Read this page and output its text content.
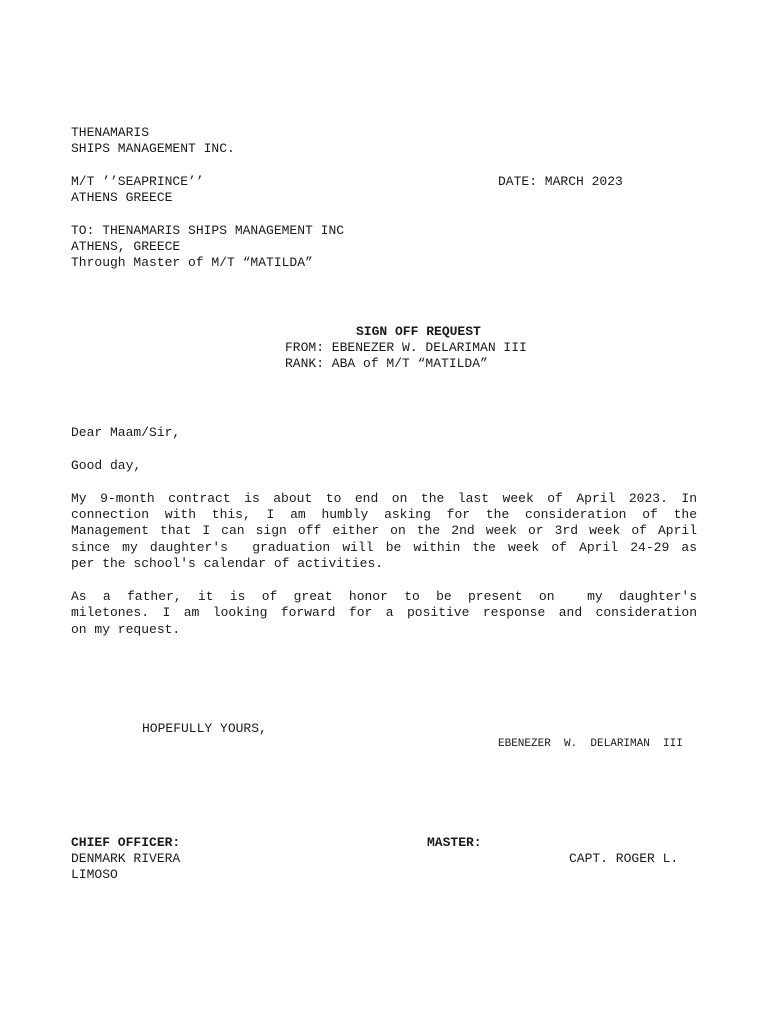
THENAMARIS
SHIPS MANAGEMENT INC.
M/T ’’SEAPRINCE’’	DATE: MARCH 2023
ATHENS GREECE
TO: THENAMARIS SHIPS MANAGEMENT INC
ATHENS, GREECE
Through Master of M/T “MATILDA”
SIGN OFF REQUEST
FROM: EBENEZER W. DELARIMAN III
RANK: ABA of M/T “MATILDA”
Dear Maam/Sir,
Good day,
My 9-month contract is about to end on the last week of April 2023. In
connection with this, I am humbly asking for the consideration of the
Management that I can sign off either on the 2nd week or 3rd week of April
since my daughter's  graduation will be within the week of April 24-29 as
per the school's calendar of activities.
As a father, it is of great honor to be present on  my daughter's
miletones. I am looking forward for a positive response and consideration
on my request.
HOPEFULLY YOURS,
EBENEZER  W.  DELARIMAN  III
CHIEF OFFICER:	MASTER:
DENMARK RIVERA	CAPT. ROGER L.
LIMOSO
